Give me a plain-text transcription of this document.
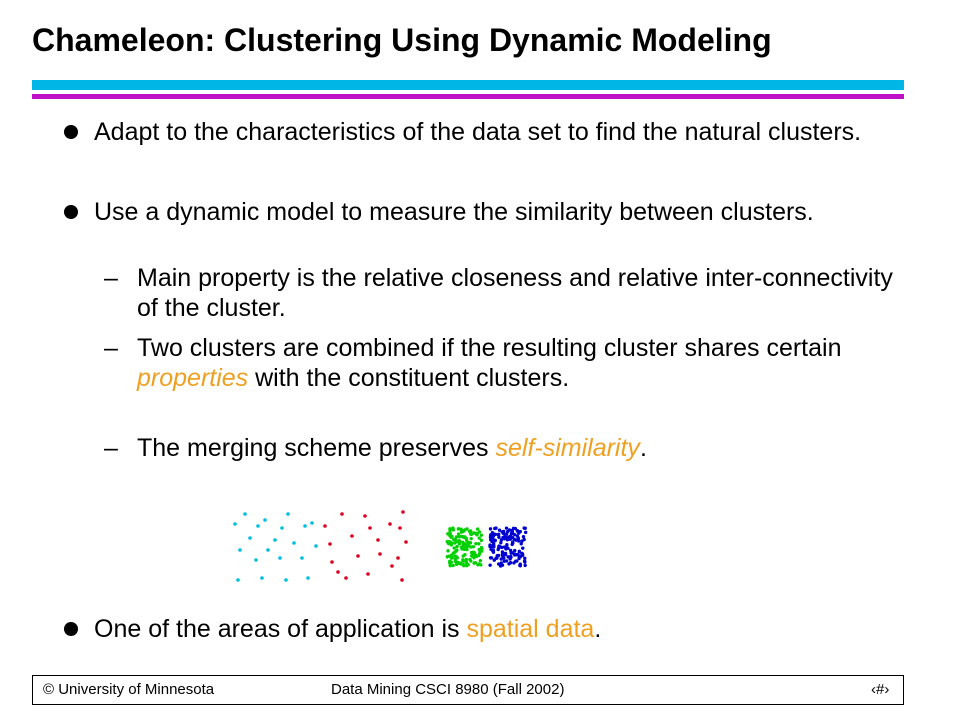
Chameleon: Clustering Using Dynamic Modeling
Adapt to the characteristics of the data set to find the natural clusters.
Use a dynamic model to measure the similarity between clusters.
– Main property is the relative closeness and relative inter-connectivity of the cluster.
– Two clusters are combined if the resulting cluster shares certain properties with the constituent clusters.
– The merging scheme preserves self-similarity.
One of the areas of application is spatial data.
© University of Minnesota	Data Mining CSCI 8980 (Fall 2002)	‹#›
